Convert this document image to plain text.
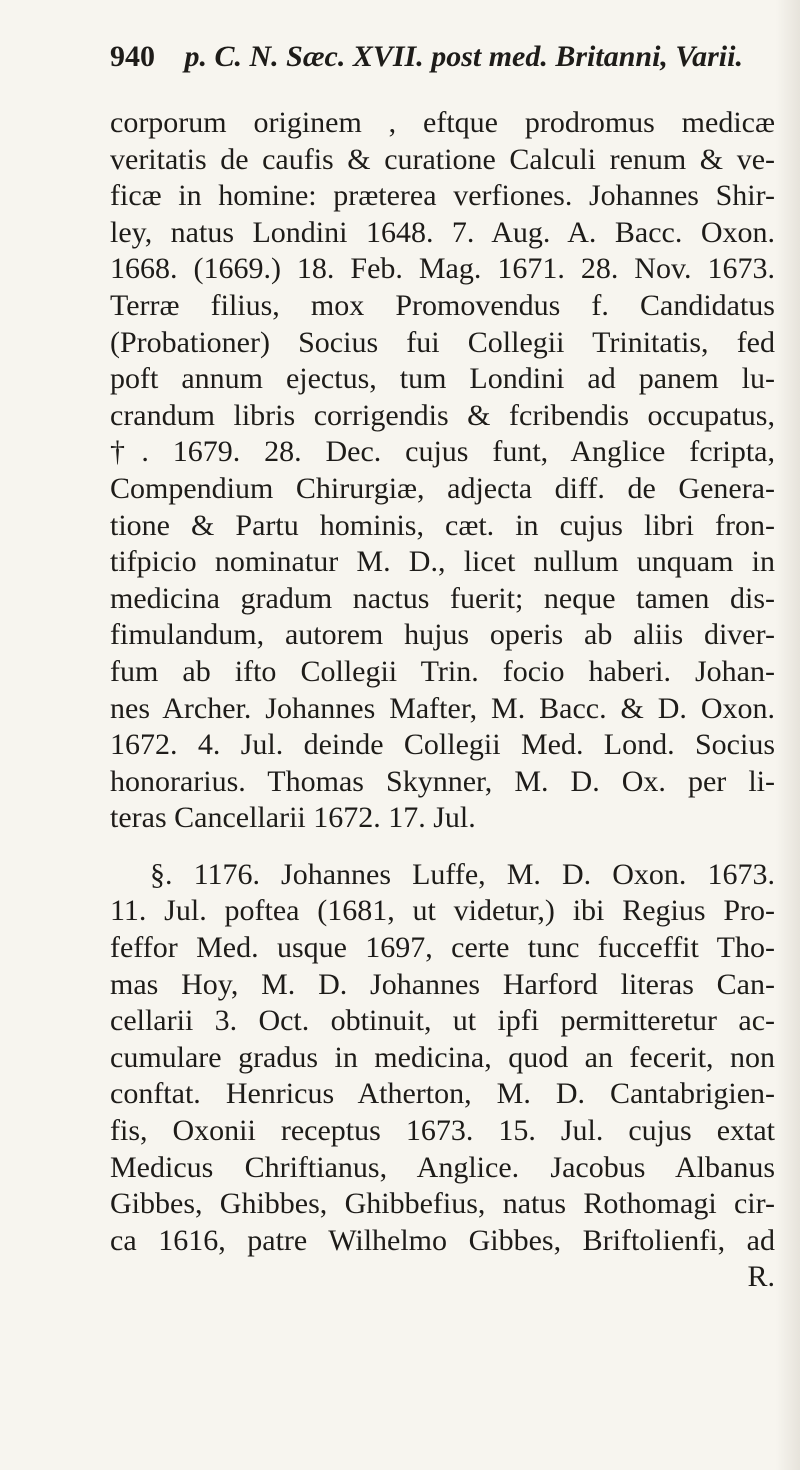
940 p. C. N. Sæc. XVII. post med. Britanni, Varii.
corporum originem , eftque prodromus medicæ
veritatis de caufis & curatione Calculi renum & ve-
ficæ in homine: præterea verfiones. Johannes Shir-
ley, natus Londini 1648. 7. Aug. A. Bacc. Oxon.
1668. (1669.) 18. Feb. Mag. 1671. 28. Nov. 1673.
Terræ filius, mox Promovendus f. Candidatus
(Probationer) Socius fui Collegii Trinitatis, fed
poft annum ejectus, tum Londini ad panem lu-
crandum libris corrigendis & fcribendis occupatus,
†. 1679. 28. Dec. cujus funt, Anglice fcripta,
Compendium Chirurgiæ, adjecta diff. de Genera-
tione & Partu hominis, cæt. in cujus libri fron-
tifpicio nominatur M. D., licet nullum unquam in
medicina gradum nactus fuerit; neque tamen dis-
fimulandum, autorem hujus operis ab aliis diver-
fum ab ifto Collegii Trin. focio haberi. Johan-
nes Archer. Johannes Mafter, M. Bacc. & D. Oxon.
1672. 4. Jul. deinde Collegii Med. Lond. Socius
honorarius. Thomas Skynner, M. D. Ox. per li-
teras Cancellarii 1672. 17. Jul.
§. 1176. Johannes Luffe, M. D. Oxon. 1673.
11. Jul. poftea (1681, ut videtur,) ibi Regius Pro-
feffor Med. usque 1697, certe tunc fucceffit Tho-
mas Hoy, M. D. Johannes Harford literas Can-
cellarii 3. Oct. obtinuit, ut ipfi permitteretur ac-
cumulare gradus in medicina, quod an fecerit, non
conftat. Henricus Atherton, M. D. Cantabrigien-
fis, Oxonii receptus 1673. 15. Jul. cujus extat
Medicus Chriftianus, Anglice. Jacobus Albanus
Gibbes, Ghibbes, Ghibbefius, natus Rothomagi cir-
ca 1616, patre Wilhelmo Gibbes, Briftolienfi, ad
R.
